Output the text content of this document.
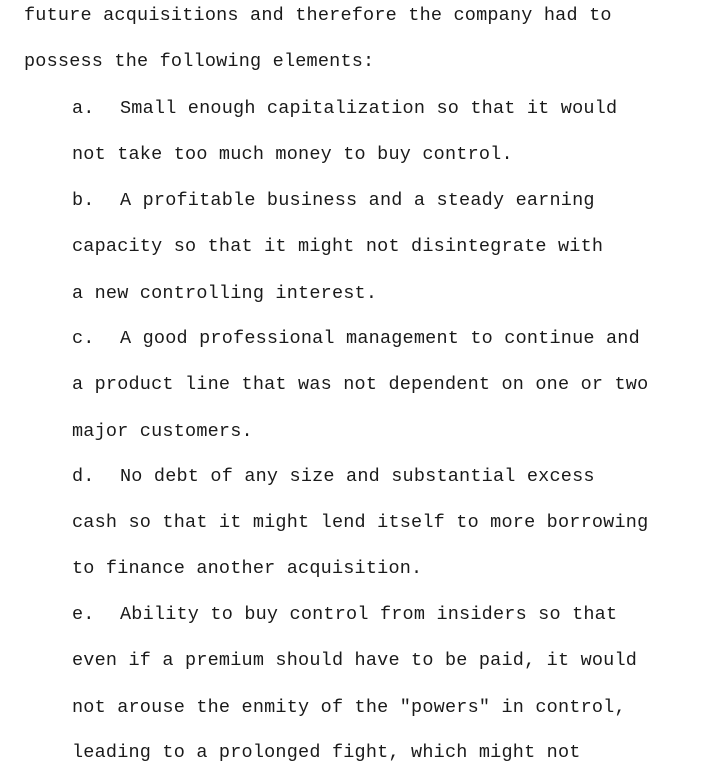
future acquisitions and therefore the company had to
possess the following elements:
a. Small enough capitalization so that it would
not take too much money to buy control.
b. A profitable business and a steady earning
capacity so that it might not disintegrate with
a new controlling interest.
c. A good professional management to continue and
a product line that was not dependent on one or two
major customers.
d. No debt of any size and substantial excess
cash so that it might lend itself to more borrowing
to finance another acquisition.
e. Ability to buy control from insiders so that
even if a premium should have to be paid, it would
not arouse the enmity of the "powers" in control,
leading to a prolonged fight, which might not
